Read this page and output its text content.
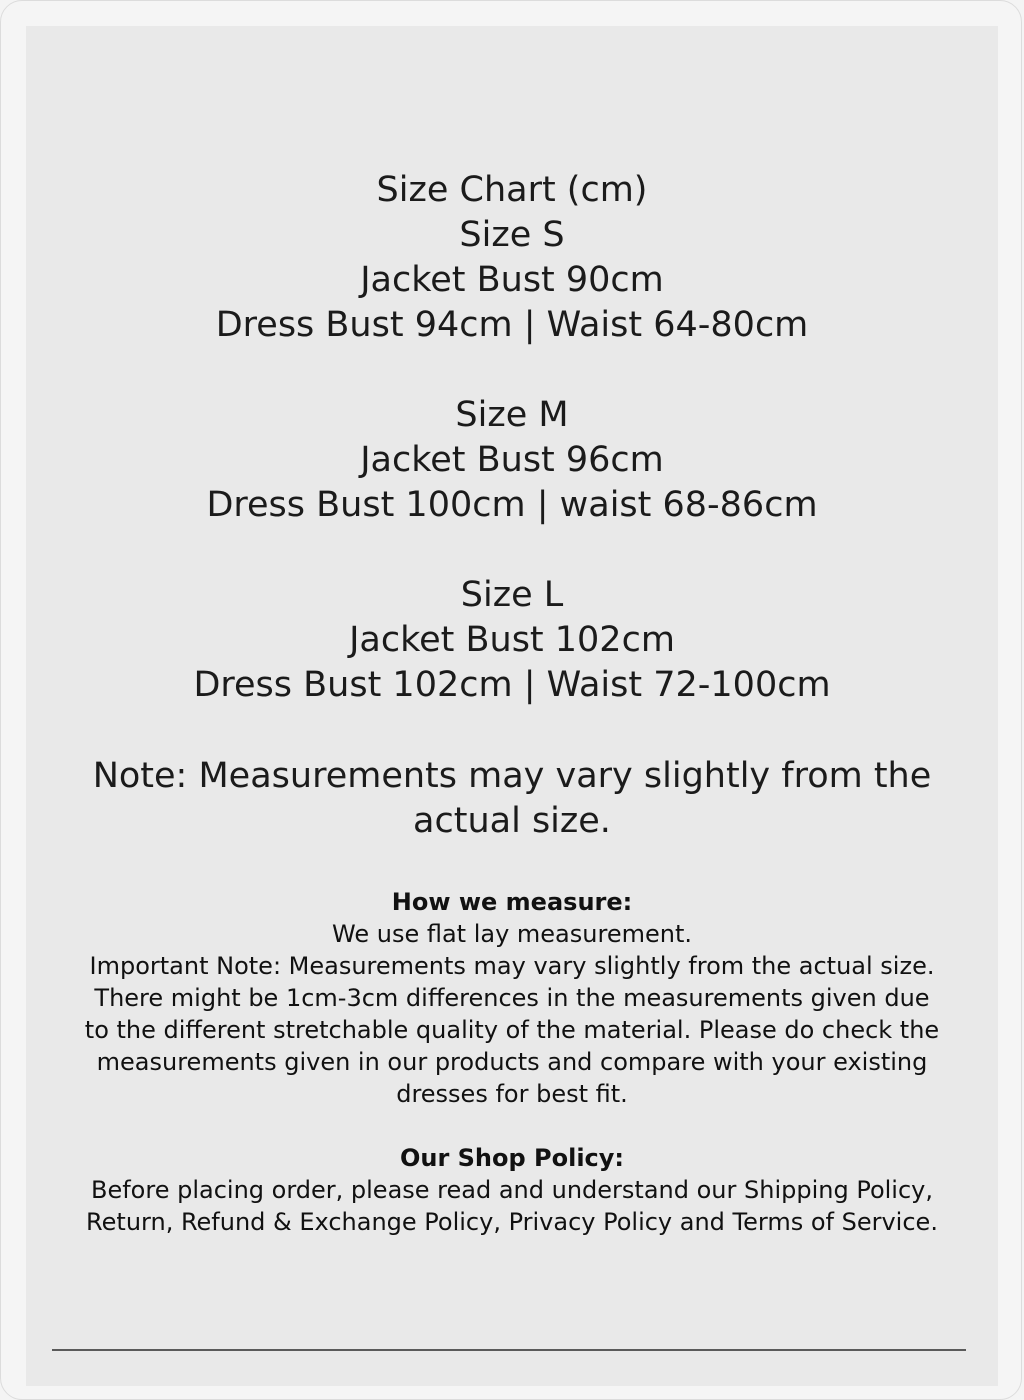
Size Chart (cm)
Size S
Jacket Bust 90cm
Dress Bust 94cm | Waist 64-80cm
Size M
Jacket Bust 96cm
Dress Bust 100cm | waist 68-86cm
Size L
Jacket Bust 102cm
Dress Bust 102cm | Waist 72-100cm
Note: Measurements may vary slightly from the actual size.
How we measure:
We use flat lay measurement.
Important Note: Measurements may vary slightly from the actual size. There might be 1cm-3cm differences in the measurements given due to the different stretchable quality of the material. Please do check the measurements given in our products and compare with your existing dresses for best fit.
Our Shop Policy:
Before placing order, please read and understand our Shipping Policy, Return, Refund & Exchange Policy, Privacy Policy and Terms of Service.
